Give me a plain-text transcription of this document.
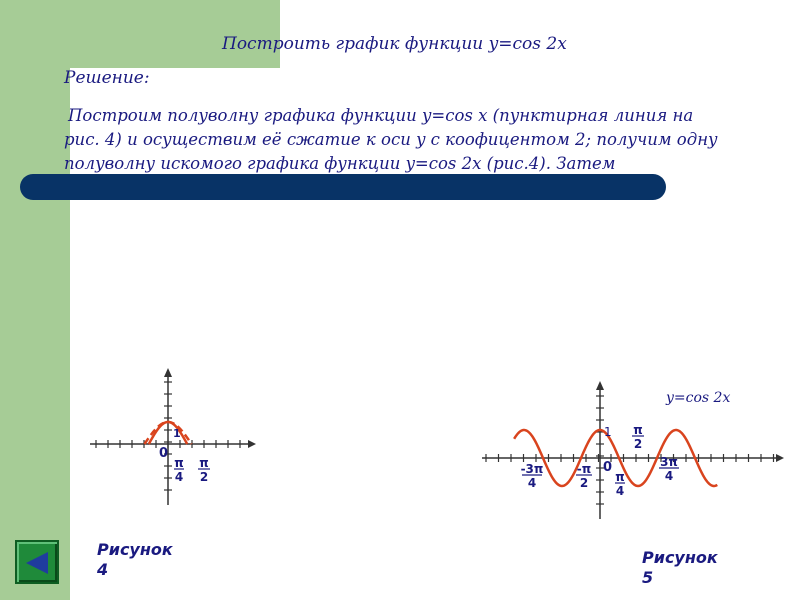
Построить график функции y=cos 2x
Решение:
Построим полуволну графика функции y=cos x (пунктирная линия на рис. 4) и осуществим её сжатие к оси y с коофицентом 2; получим одну полуволну искомого графика функции y=cos 2x (рис.4). Затем
1
0
π
4
π
2
1
0
-3π
4
-π
2 π
4
π
2
3π
4
y=cos 2x
Рисунок
4
Рисунок
5
